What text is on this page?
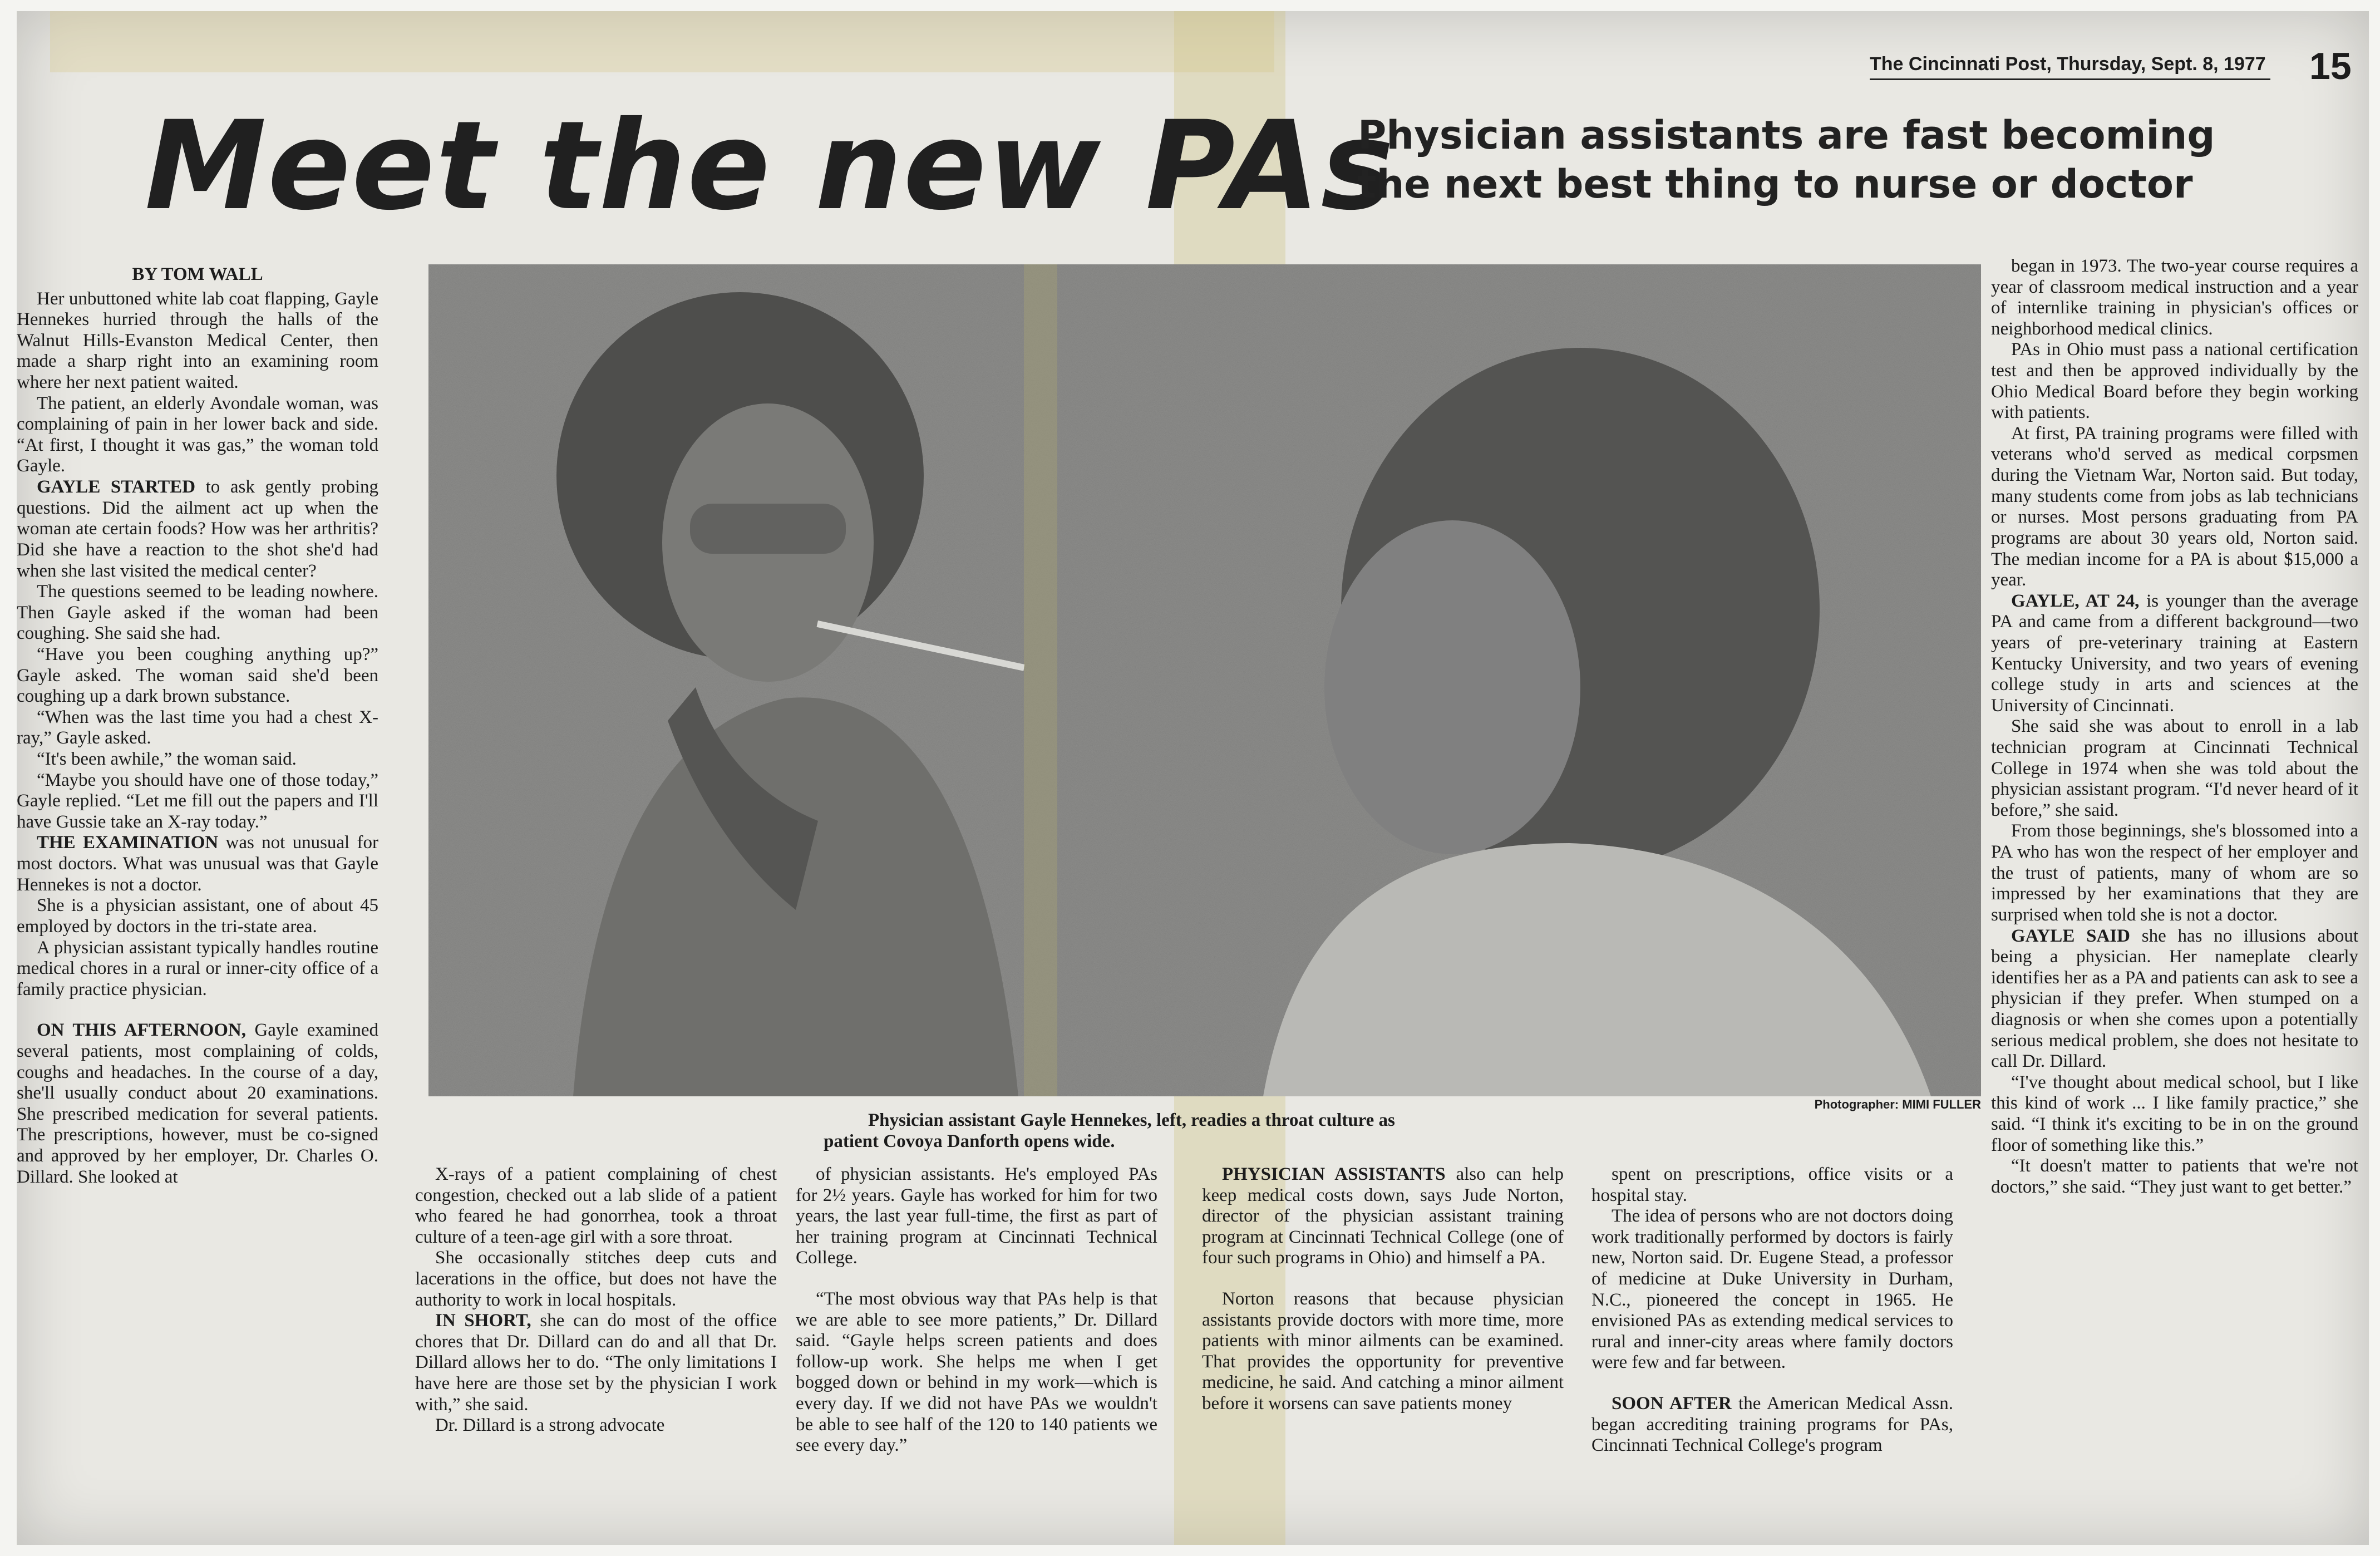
The Cincinnati Post, Thursday, Sept. 8, 1977 15
Meet the new PAs
Physician assistants are fast becoming
the next best thing to nurse or doctor

BY TOM WALL

Her unbuttoned white lab coat flapping, Gayle Hennekes hurried through the halls of the Walnut Hills-Evanston Medical Center, then made a sharp right into an examining room where her next patient waited.

The patient, an elderly Avondale woman, was complaining of pain in her lower back and side. “At first, I thought it was gas,” the woman told Gayle.

GAYLE STARTED to ask gently probing questions. Did the ailment act up when the woman ate certain foods? How was her arthritis? Did she have a reaction to the shot she'd had when she last visited the medical center?

The questions seemed to be leading nowhere. Then Gayle asked if the woman had been coughing. She said she had.

“Have you been coughing anything up?” Gayle asked. The woman said she'd been coughing up a dark brown substance.

“When was the last time you had a chest X-ray,” Gayle asked.

“It's been awhile,” the woman said.

“Maybe you should have one of those today,” Gayle replied. “Let me fill out the papers and I'll have Gussie take an X-ray today.”

THE EXAMINATION was not unusual for most doctors. What was unusual was that Gayle Hennekes is not a doctor.

She is a physician assistant, one of about 45 employed by doctors in the tri-state area.

A physician assistant typically handles routine medical chores in a rural or inner-city office of a family practice physician.

ON THIS AFTERNOON, Gayle examined several patients, most complaining of colds, coughs and headaches. In the course of a day, she'll usually conduct about 20 examinations. She prescribed medication for several patients. The prescriptions, however, must be co-signed and approved by her employer, Dr. Charles O. Dillard. She looked at

Photographer: MIMI FULLER
Physician assistant Gayle Hennekes, left, readies a throat culture as
patient Covoya Danforth opens wide.

X-rays of a patient complaining of chest congestion, checked out a lab slide of a patient who feared he had gonorrhea, took a throat culture of a teen-age girl with a sore throat.

She occasionally stitches deep cuts and lacerations in the office, but does not have the authority to work in local hospitals.

IN SHORT, she can do most of the office chores that Dr. Dillard can do and all that Dr. Dillard allows her to do. “The only limitations I have here are those set by the physician I work with,” she said.

Dr. Dillard is a strong advocate

of physician assistants. He's employed PAs for 2½ years. Gayle has worked for him for two years, the last year full-time, the first as part of her training program at Cincinnati Technical College.

“The most obvious way that PAs help is that we are able to see more patients,” Dr. Dillard said. “Gayle helps screen patients and does follow-up work. She helps me when I get bogged down or behind in my work—which is every day. If we did not have PAs we wouldn't be able to see half of the 120 to 140 patients we see every day.”

PHYSICIAN ASSISTANTS also can help keep medical costs down, says Jude Norton, director of the physician assistant training program at Cincinnati Technical College (one of four such programs in Ohio) and himself a PA.

Norton reasons that because physician assistants provide doctors with more time, more patients with minor ailments can be examined. That provides the opportunity for preventive medicine, he said. And catching a minor ailment before it worsens can save patients money

spent on prescriptions, office visits or a hospital stay.

The idea of persons who are not doctors doing work traditionally performed by doctors is fairly new, Norton said. Dr. Eugene Stead, a professor of medicine at Duke University in Durham, N.C., pioneered the concept in 1965. He envisioned PAs as extending medical services to rural and inner-city areas where family doctors were few and far between.

SOON AFTER the American Medical Assn. began accrediting training programs for PAs, Cincinnati Technical College's program

began in 1973. The two-year course requires a year of classroom medical instruction and a year of internlike training in physician's offices or neighborhood medical clinics.

PAs in Ohio must pass a national certification test and then be approved individually by the Ohio Medical Board before they begin working with patients.

At first, PA training programs were filled with veterans who'd served as medical corpsmen during the Vietnam War, Norton said. But today, many students come from jobs as lab technicians or nurses. Most persons graduating from PA programs are about 30 years old, Norton said. The median income for a PA is about $15,000 a year.

GAYLE, AT 24, is younger than the average PA and came from a different background—two years of pre-veterinary training at Eastern Kentucky University, and two years of evening college study in arts and sciences at the University of Cincinnati.

She said she was about to enroll in a lab technician program at Cincinnati Technical College in 1974 when she was told about the physician assistant program. “I'd never heard of it before,” she said.

From those beginnings, she's blossomed into a PA who has won the respect of her employer and the trust of patients, many of whom are so impressed by her examinations that they are surprised when told she is not a doctor.

GAYLE SAID she has no illusions about being a physician. Her nameplate clearly identifies her as a PA and patients can ask to see a physician if they prefer. When stumped on a diagnosis or when she comes upon a potentially serious medical problem, she does not hesitate to call Dr. Dillard.

“I've thought about medical school, but I like this kind of work ... I like family practice,” she said. “I think it's exciting to be in on the ground floor of something like this.”

“It doesn't matter to patients that we're not doctors,” she said. “They just want to get better.”
